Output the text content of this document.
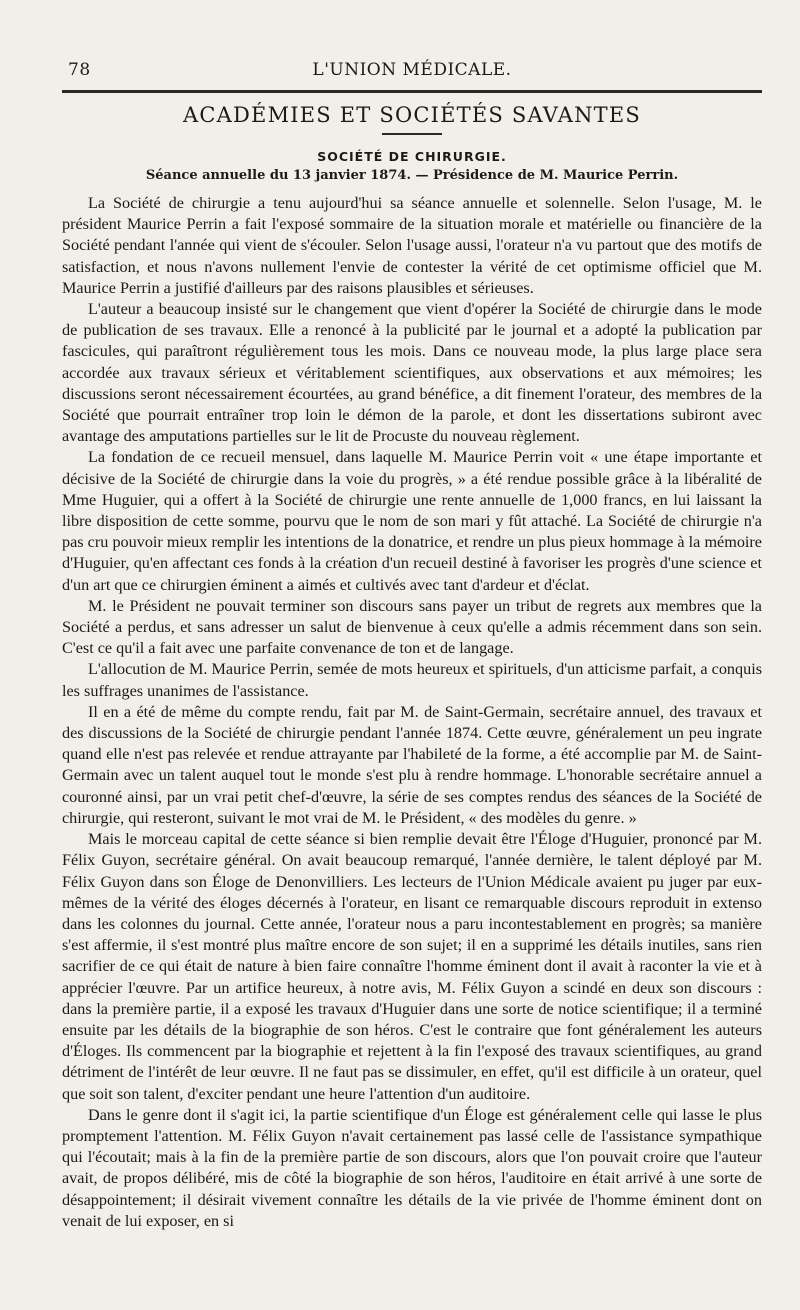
78	L'UNION MÉDICALE.
ACADÉMIES ET SOCIÉTÉS SAVANTES
SOCIÉTÉ DE CHIRURGIE.
Séance annuelle du 13 janvier 1874. — Présidence de M. Maurice Perrin.

La Société de chirurgie a tenu aujourd'hui sa séance annuelle et solennelle. Selon l'usage, M. le président Maurice Perrin a fait l'exposé sommaire de la situation morale et matérielle ou financière de la Société pendant l'année qui vient de s'écouler. Selon l'usage aussi, l'orateur n'a vu partout que des motifs de satisfaction, et nous n'avons nullement l'envie de contester la vérité de cet optimisme officiel que M. Maurice Perrin a justifié d'ailleurs par des raisons plausibles et sérieuses.

L'auteur a beaucoup insisté sur le changement que vient d'opérer la Société de chirurgie dans le mode de publication de ses travaux. Elle a renoncé à la publicité par le journal et a adopté la publication par fascicules, qui paraîtront régulièrement tous les mois. Dans ce nouveau mode, la plus large place sera accordée aux travaux sérieux et véritablement scientifiques, aux observations et aux mémoires; les discussions seront nécessairement écourtées, au grand bénéfice, a dit finement l'orateur, des membres de la Société que pourrait entraîner trop loin le démon de la parole, et dont les dissertations subiront avec avantage des amputations partielles sur le lit de Procuste du nouveau règlement.

La fondation de ce recueil mensuel, dans laquelle M. Maurice Perrin voit « une étape importante et décisive de la Société de chirurgie dans la voie du progrès, » a été rendue possible grâce à la libéralité de Mme Huguier, qui a offert à la Société de chirurgie une rente annuelle de 1,000 francs, en lui laissant la libre disposition de cette somme, pourvu que le nom de son mari y fût attaché. La Société de chirurgie n'a pas cru pouvoir mieux remplir les intentions de la donatrice, et rendre un plus pieux hommage à la mémoire d'Huguier, qu'en affectant ces fonds à la création d'un recueil destiné à favoriser les progrès d'une science et d'un art que ce chirurgien éminent a aimés et cultivés avec tant d'ardeur et d'éclat.

M. le Président ne pouvait terminer son discours sans payer un tribut de regrets aux membres que la Société a perdus, et sans adresser un salut de bienvenue à ceux qu'elle a admis récemment dans son sein. C'est ce qu'il a fait avec une parfaite convenance de ton et de langage.

L'allocution de M. Maurice Perrin, semée de mots heureux et spirituels, d'un atticisme parfait, a conquis les suffrages unanimes de l'assistance.

Il en a été de même du compte rendu, fait par M. de Saint-Germain, secrétaire annuel, des travaux et des discussions de la Société de chirurgie pendant l'année 1874. Cette œuvre, généralement un peu ingrate quand elle n'est pas relevée et rendue attrayante par l'habileté de la forme, a été accomplie par M. de Saint-Germain avec un talent auquel tout le monde s'est plu à rendre hommage. L'honorable secrétaire annuel a couronné ainsi, par un vrai petit chef-d'œuvre, la série de ses comptes rendus des séances de la Société de chirurgie, qui resteront, suivant le mot vrai de M. le Président, « des modèles du genre. »

Mais le morceau capital de cette séance si bien remplie devait être l'Éloge d'Huguier, prononcé par M. Félix Guyon, secrétaire général. On avait beaucoup remarqué, l'année dernière, le talent déployé par M. Félix Guyon dans son Éloge de Denonvilliers. Les lecteurs de l'Union Médicale avaient pu juger par eux-mêmes de la vérité des éloges décernés à l'orateur, en lisant ce remarquable discours reproduit in extenso dans les colonnes du journal. Cette année, l'orateur nous a paru incontestablement en progrès; sa manière s'est affermie, il s'est montré plus maître encore de son sujet; il en a supprimé les détails inutiles, sans rien sacrifier de ce qui était de nature à bien faire connaître l'homme éminent dont il avait à raconter la vie et à apprécier l'œuvre. Par un artifice heureux, à notre avis, M. Félix Guyon a scindé en deux son discours : dans la première partie, il a exposé les travaux d'Huguier dans une sorte de notice scientifique; il a terminé ensuite par les détails de la biographie de son héros. C'est le contraire que font généralement les auteurs d'Éloges. Ils commencent par la biographie et rejettent à la fin l'exposé des travaux scientifiques, au grand détriment de l'intérêt de leur œuvre. Il ne faut pas se dissimuler, en effet, qu'il est difficile à un orateur, quel que soit son talent, d'exciter pendant une heure l'attention d'un auditoire.

Dans le genre dont il s'agit ici, la partie scientifique d'un Éloge est généralement celle qui lasse le plus promptement l'attention. M. Félix Guyon n'avait certainement pas lassé celle de l'assistance sympathique qui l'écoutait; mais à la fin de la première partie de son discours, alors que l'on pouvait croire que l'auteur avait, de propos délibéré, mis de côté la biographie de son héros, l'auditoire en était arrivé à une sorte de désappointement; il désirait vivement connaître les détails de la vie privée de l'homme éminent dont on venait de lui exposer, en si
